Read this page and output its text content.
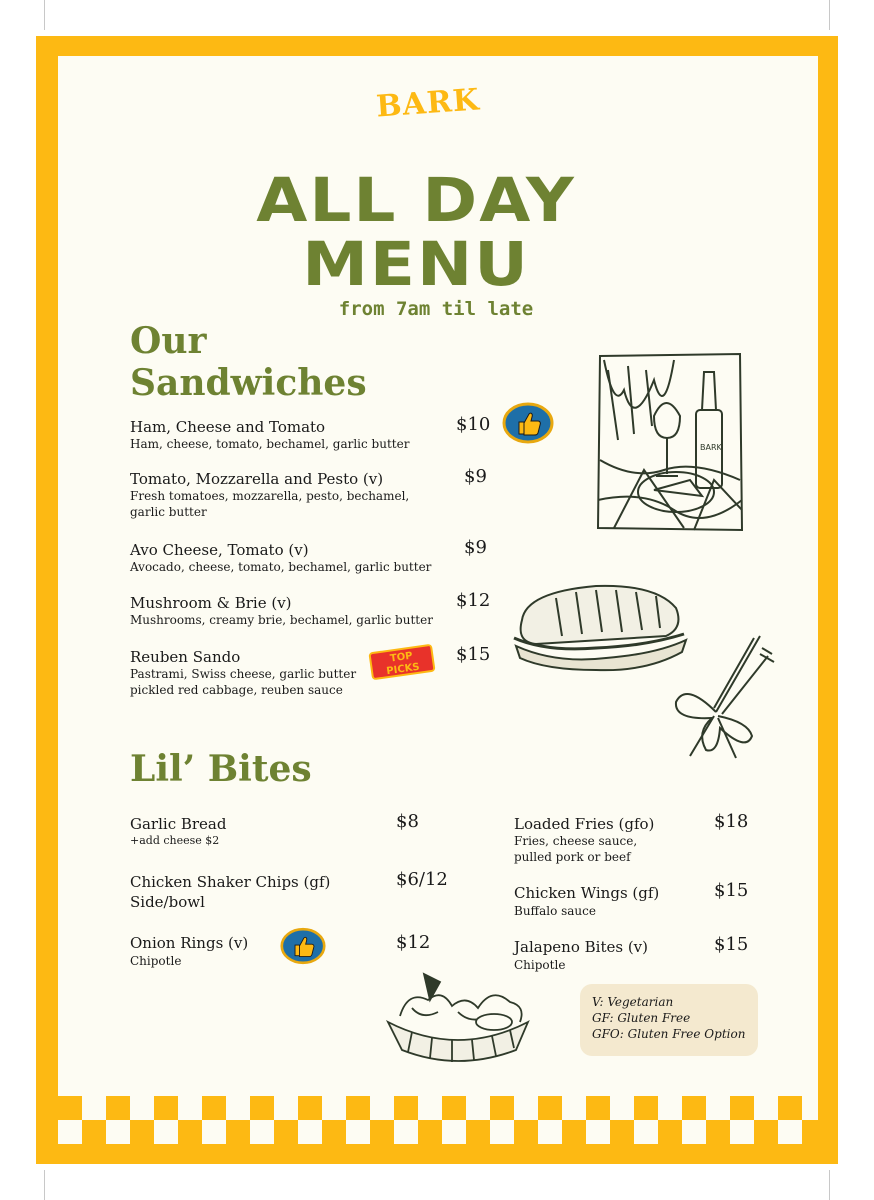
BARK
ALL DAY
MENU
from 7am til late
Our
Sandwiches
Ham, Cheese and Tomato
Ham, cheese, tomato, bechamel, garlic butter
$10
Tomato, Mozzarella and Pesto (v)
Fresh tomatoes, mozzarella, pesto, bechamel, garlic butter
$9
Avo Cheese, Tomato (v)
Avocado, cheese, tomato, bechamel, garlic butter
$9
Mushroom & Brie (v)
Mushrooms, creamy brie, bechamel, garlic butter
$12
Reuben Sando
Pastrami, Swiss cheese, garlic butter
pickled red cabbage, reuben sauce
$15
TOP
PICKS
BARK
Lil’ Bites
Garlic Bread
+add cheese $2
$8
Chicken Shaker Chips (gf)
Side/bowl
$6/12
Onion Rings (v)
Chipotle
$12
Loaded Fries (gfo)
Fries, cheese sauce,
pulled pork or beef
$18
Chicken Wings (gf)
Buffalo sauce
$15
Jalapeno Bites (v)
Chipotle
$15
V: Vegetarian
GF: Gluten Free
GFO: Gluten Free Option
